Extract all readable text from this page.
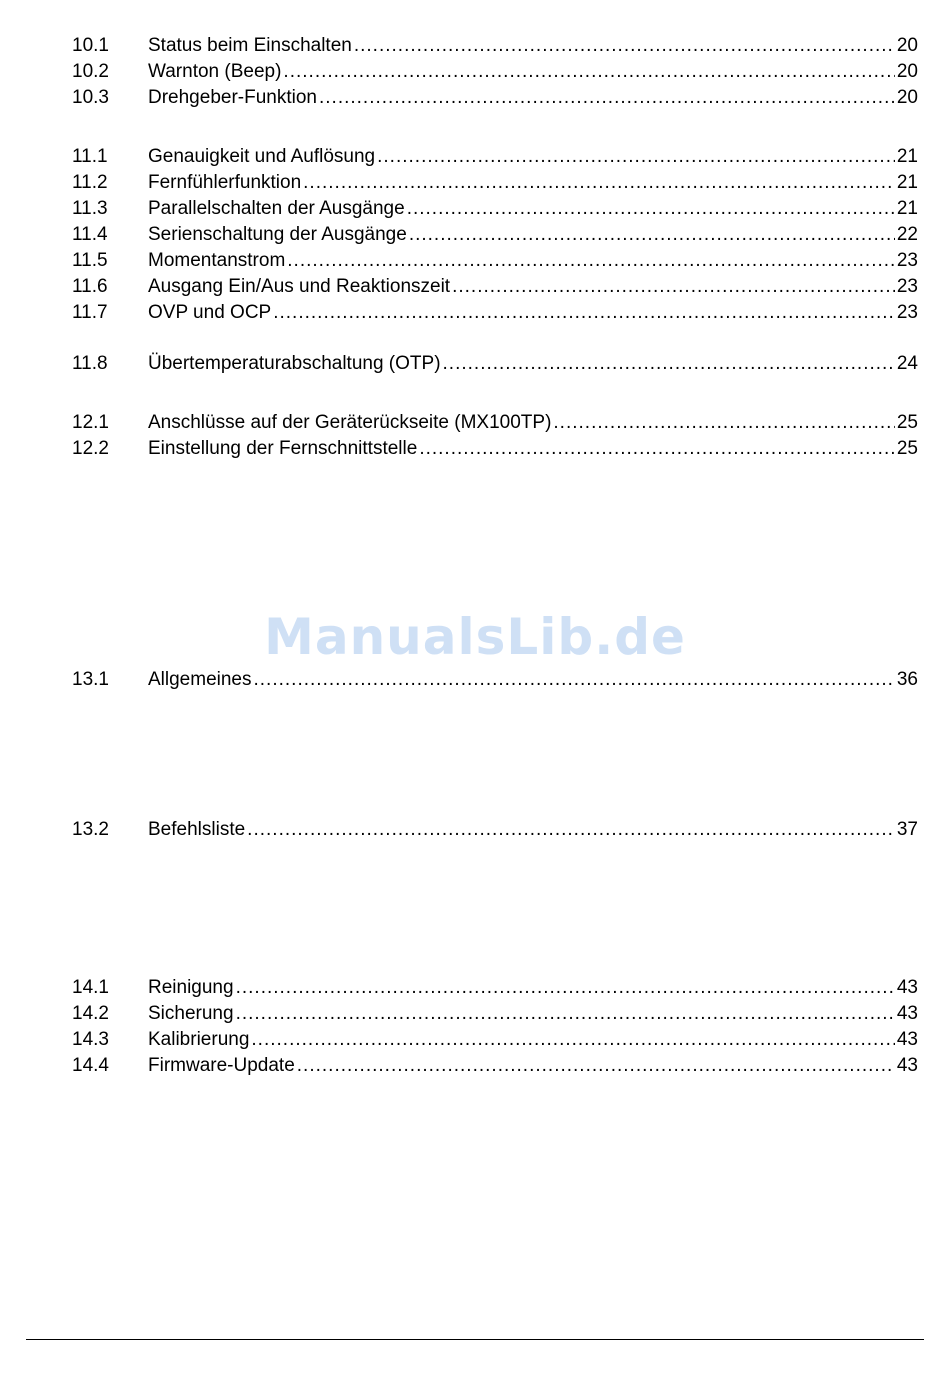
10.1	Status beim Einschalten .....	20
10.2	Warnton (Beep) .....	20
10.3	Drehgeber-Funktion .....	20
11.1	Genauigkeit und Auflösung .....	21
11.2	Fernfühlerfunktion .....	21
11.3	Parallelschalten der Ausgänge .....	21
11.4	Serienschaltung der Ausgänge .....	22
11.5	Momentanstrom .....	23
11.6	Ausgang Ein/Aus und Reaktionszeit .....	23
11.7	OVP und OCP .....	23
11.8	Übertemperaturabschaltung (OTP) .....	24
12.1	Anschlüsse auf der Geräterückseite (MX100TP) .....	25
12.2	Einstellung der Fernschnittstelle .....	25
ManualsLib.de
13.1	Allgemeines .....	36
13.2	Befehlsliste .....	37
14.1	Reinigung .....	43
14.2	Sicherung .....	43
14.3	Kalibrierung .....	43
14.4	Firmware-Update .....	43
